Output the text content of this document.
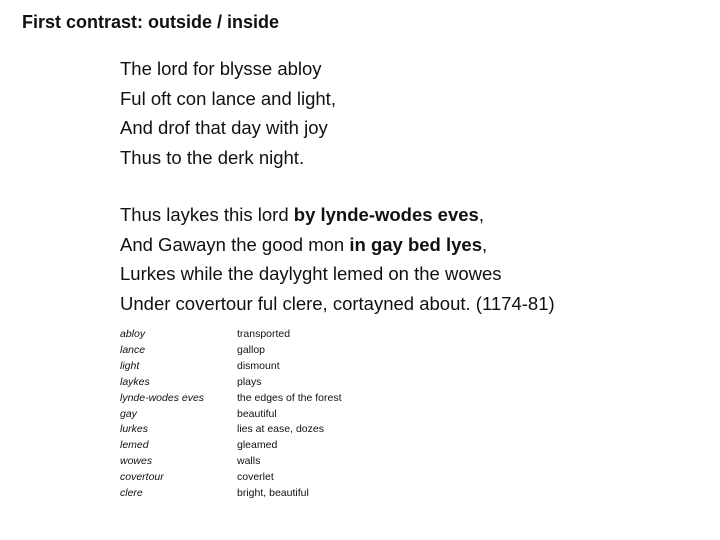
First contrast: outside / inside
The lord for blysse abloy
Ful oft con lance and light,
And drof that day with joy
Thus to the derk night.
Thus laykes this lord by lynde-wodes eves,
And Gawayn the good mon in gay bed lyes,
Lurkes while the daylyght lemed on the wowes
Under covertour ful clere, cortayned about. (1174-81)
abloy
lance
light
laykes
lynde-wodes eves
gay
lurkes
lemed
wowes
covertour
clere
transported
gallop
dismount
plays
the edges of the forest
beautiful
lies at ease, dozes
gleamed
walls
coverlet
bright, beautiful
